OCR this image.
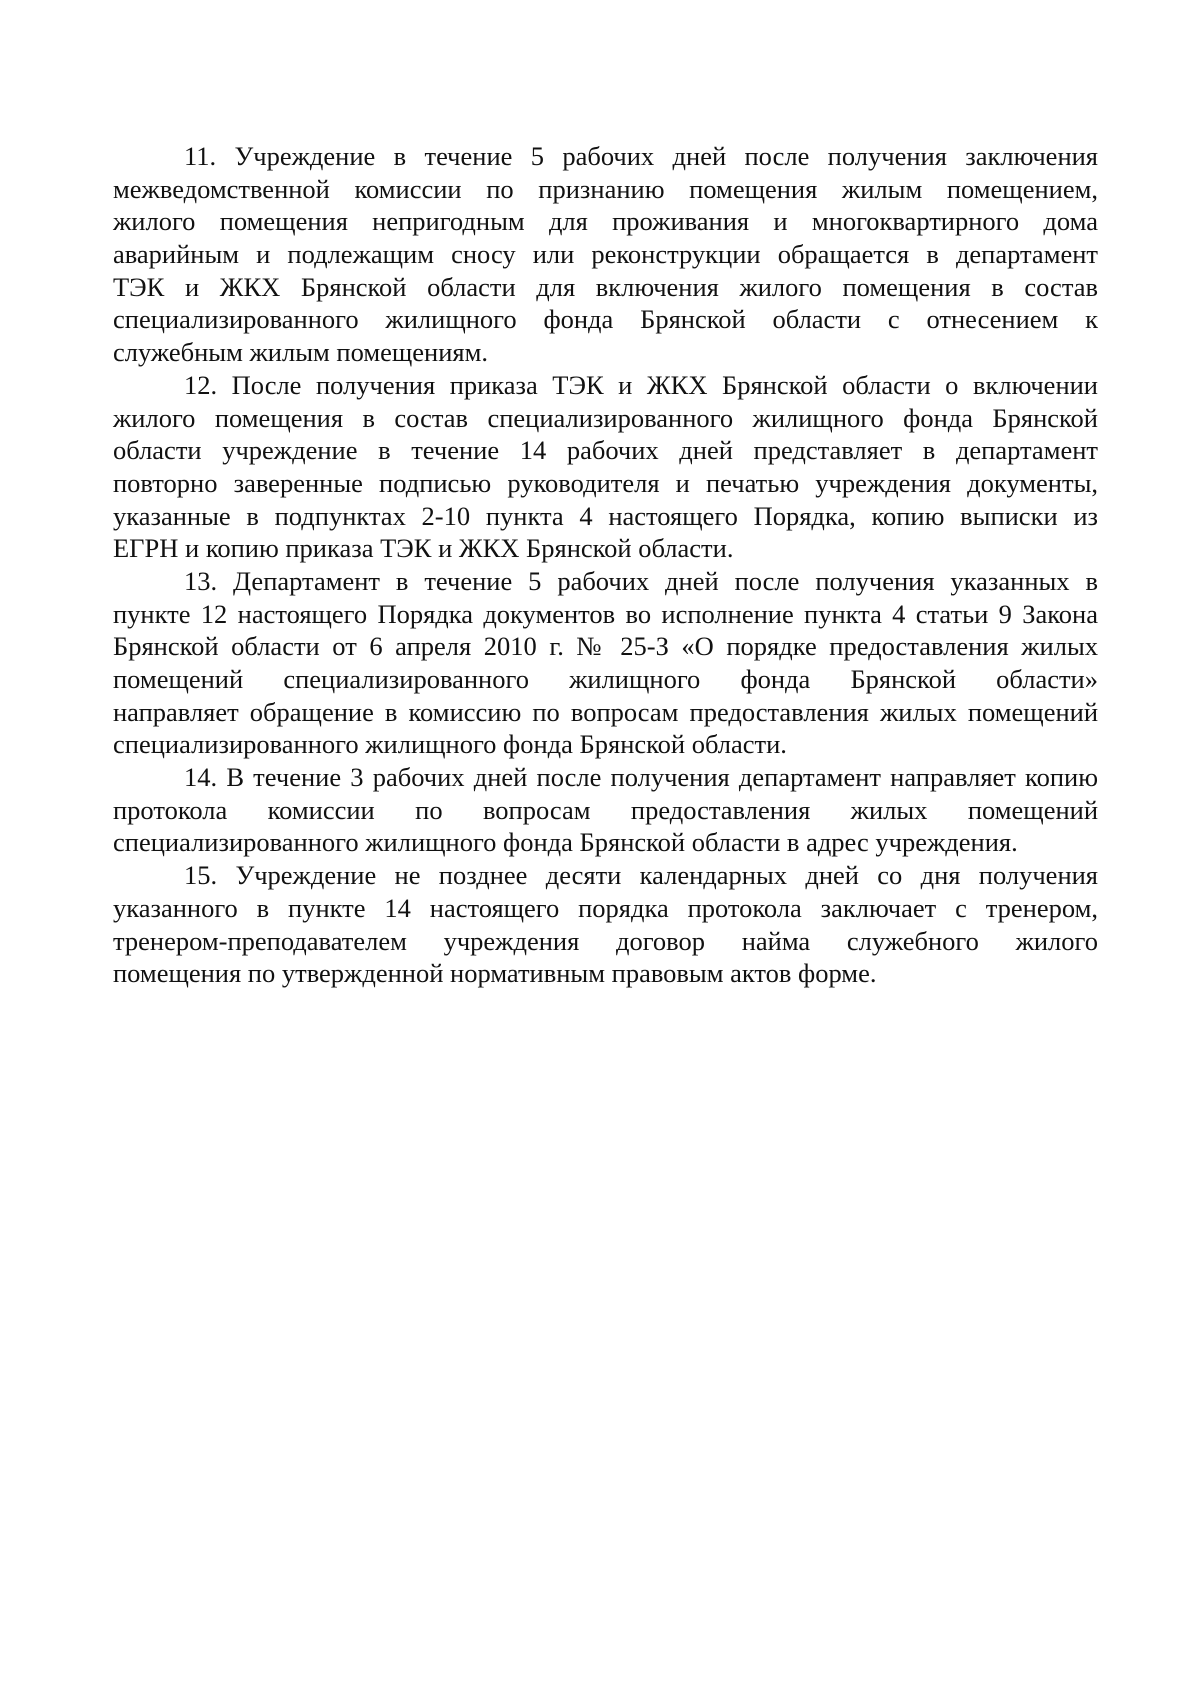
11. Учреждение в течение 5 рабочих дней после получения заключения
межведомственной комиссии по признанию помещения жилым помещением,
жилого помещения непригодным для проживания и многоквартирного дома
аварийным и подлежащим сносу или реконструкции обращается в департамент
ТЭК и ЖКХ Брянской области для включения жилого помещения в состав
специализированного жилищного фонда Брянской области с отнесением к
служебным жилым помещениям.
12. После получения приказа ТЭК и ЖКХ Брянской области о включении
жилого помещения в состав специализированного жилищного фонда Брянской
области учреждение в течение 14 рабочих дней представляет в департамент
повторно заверенные подписью руководителя и печатью учреждения документы,
указанные в подпунктах 2-10 пункта 4 настоящего Порядка, копию выписки из
ЕГРН и копию приказа ТЭК и ЖКХ Брянской области.
13. Департамент в течение 5 рабочих дней после получения указанных в
пункте 12 настоящего Порядка документов во исполнение пункта 4 статьи 9 Закона
Брянской области от 6 апреля 2010 г. № 25-З «О порядке предоставления жилых
помещений специализированного жилищного фонда Брянской области»
направляет обращение в комиссию по вопросам предоставления жилых помещений
специализированного жилищного фонда Брянской области.
14. В течение 3 рабочих дней после получения департамент направляет копию
протокола комиссии по вопросам предоставления жилых помещений
специализированного жилищного фонда Брянской области в адрес учреждения.
15. Учреждение не позднее десяти календарных дней со дня получения
указанного в пункте 14 настоящего порядка протокола заключает с тренером,
тренером-преподавателем учреждения договор найма служебного жилого
помещения по утвержденной нормативным правовым актов форме.
